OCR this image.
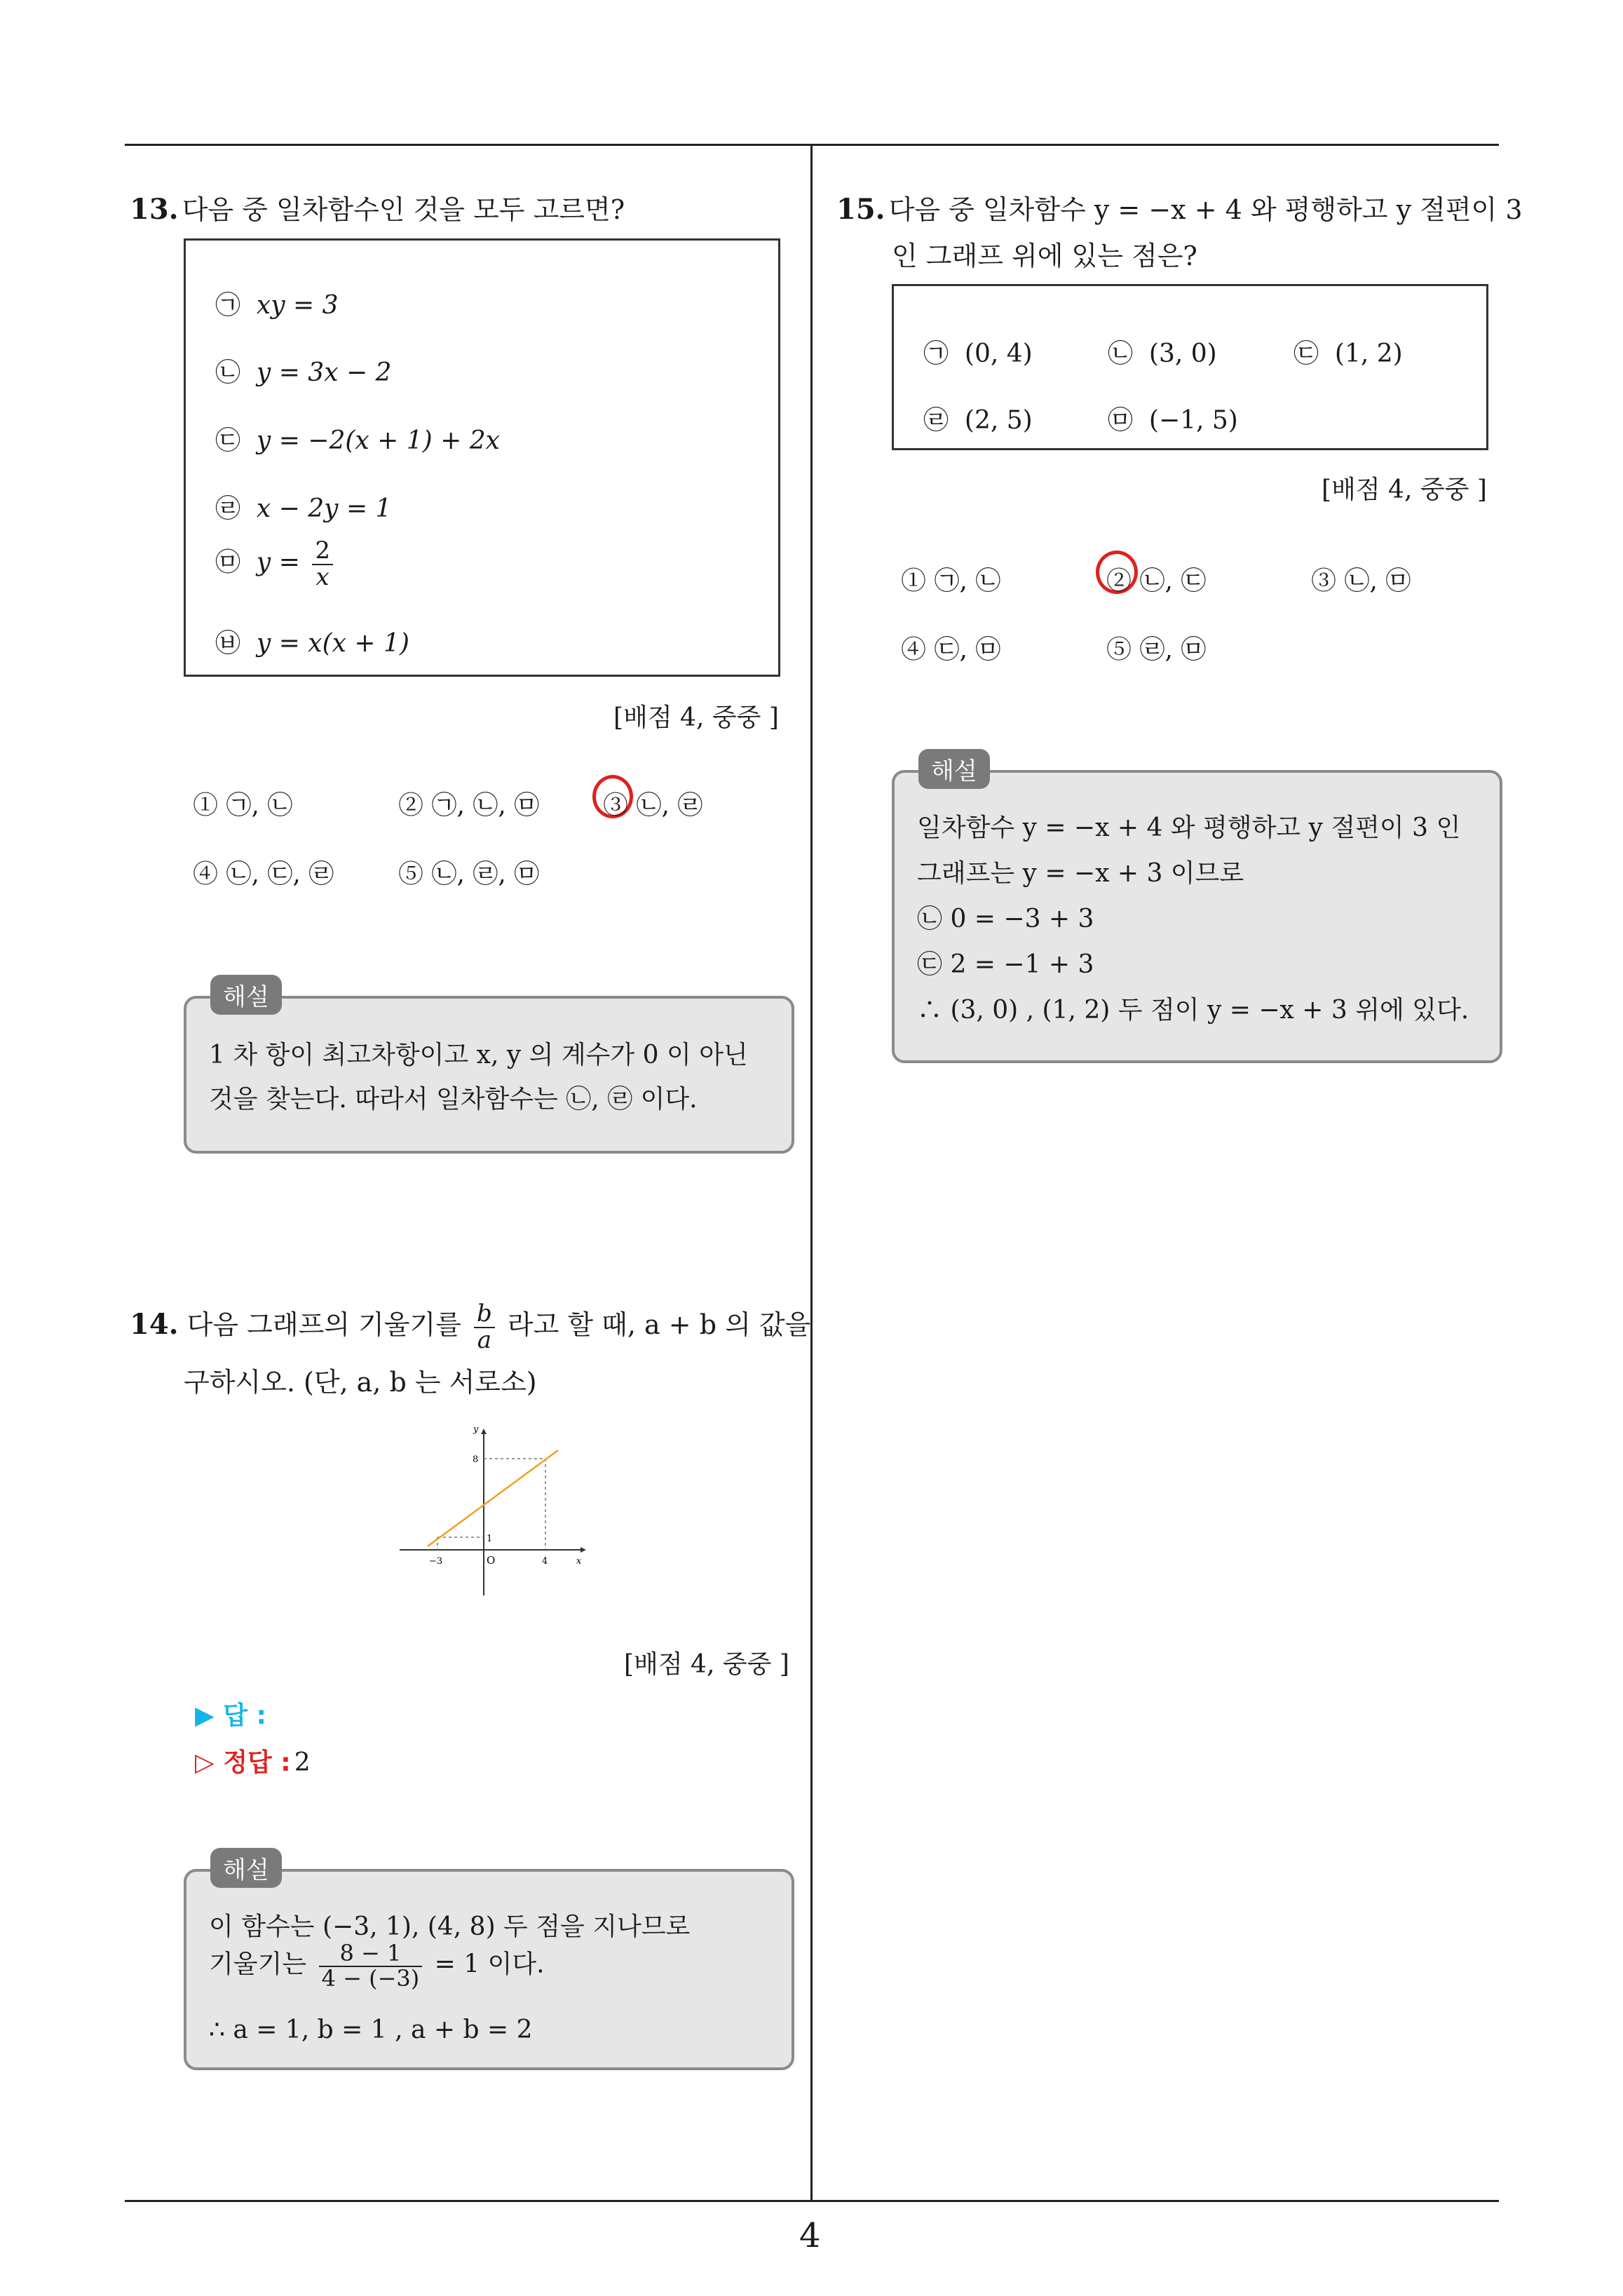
13. 다음 중 일차함수인 것을 모두 고르면?
㉠ xy = 3
㉡ y = 3x − 2
㉢ y = −2(x + 1) + 2x
㉣ x − 2y = 1
㉤ $y = \frac{2}{x}$
㉥ y = x(x + 1)
[배점 4, 중중 ]
① ㉠, ㉡	② ㉠, ㉡, ㉤	③ ㉡, ㉣
④ ㉡, ㉢, ㉣	⑤ ㉡, ㉣, ㉤
1 차 항이 최고차항이고 x, y 의 계수가 0 이 아닌
것을 찾는다. 따라서 일차함수는 ㉡, ㉣ 이다.
해설
14. 다음 그래프의 기울기를 $\frac{b}{a}$ 라고 할 때, a + b 의 값을
구하시오. (단, a, b 는 서로소)
y
x
O
8
1
−3	4
[배점 4, 중중 ]
▶ 답 :
▷ 정답 : 2
이 함수는 (−3, 1), (4, 8) 두 점을 지나므로
기울기는 $\frac{8 - 1}{4 - (-3)} = 1$ 이다.
∴ a = 1, b = 1 , a + b = 2
해설
15. 다음 중 일차함수 y = −x + 4 와 평행하고 y 절편이 3
인 그래프 위에 있는 점은?
㉠ (0, 4)	㉡ (3, 0)	㉢ (1, 2)
㉣ (2, 5)	㉤ (−1, 5)
[배점 4, 중중 ]
① ㉠, ㉡	② ㉡, ㉢	③ ㉡, ㉤
④ ㉢, ㉤	⑤ ㉣, ㉤
일차함수 y = −x + 4 와 평행하고 y 절편이 3 인
그래프는 y = −x + 3 이므로
㉡ 0 = −3 + 3
㉢ 2 = −1 + 3
∴ (3, 0) , (1, 2) 두 점이 y = −x + 3 위에 있다.
해설
4
